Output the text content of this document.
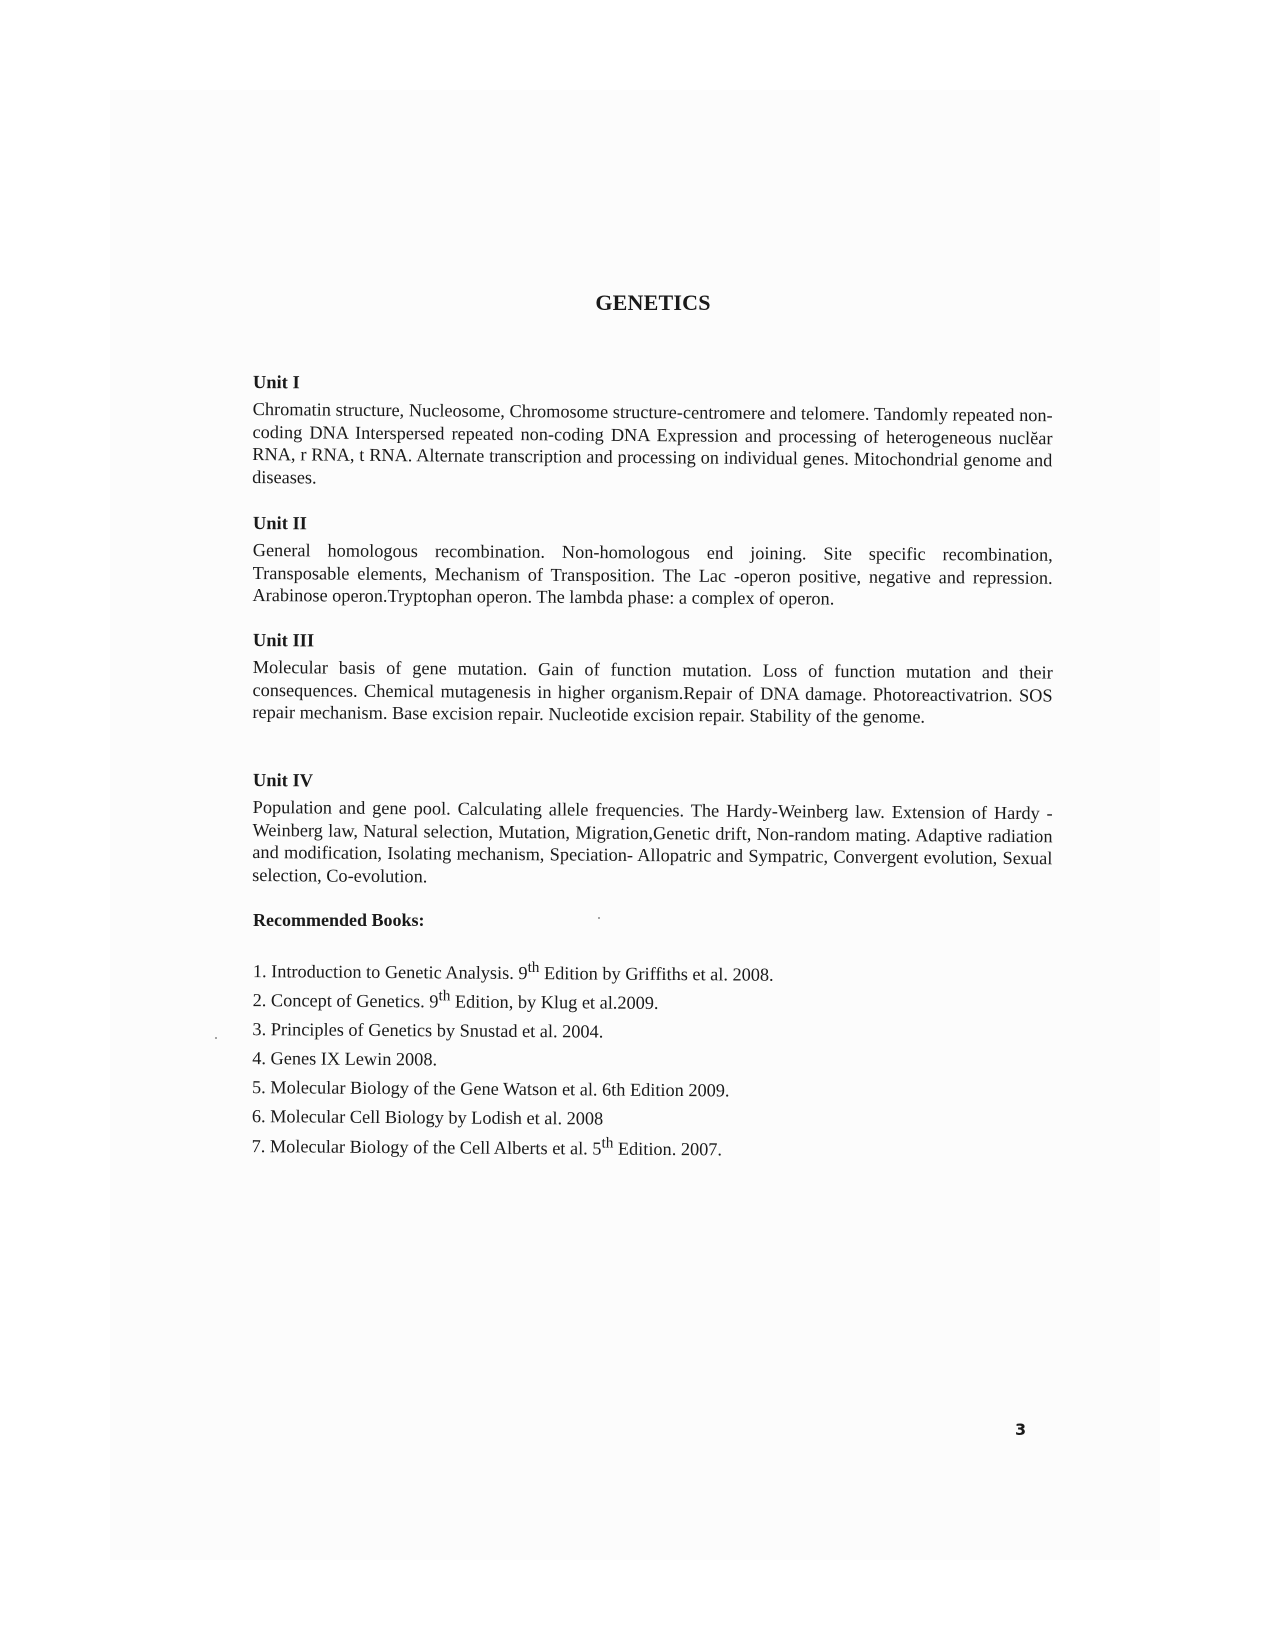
GENETICS
Unit I

Chromatin structure, Nucleosome, Chromosome structure-centromere and telomere. Tandomly repeated non-coding DNA Interspersed repeated non-coding DNA Expression and processing of heterogeneous nuclĕar RNA, r RNA, t RNA. Alternate transcription and processing on individual genes. Mitochondrial genome and diseases.

Unit II

General homologous recombination. Non-homologous end joining. Site specific recombination, Transposable elements, Mechanism of Transposition. The Lac -operon positive, negative and repression. Arabinose operon.Tryptophan operon. The lambda phase: a complex of operon.

Unit III

Molecular basis of gene mutation. Gain of function mutation. Loss of function mutation and their consequences. Chemical mutagenesis in higher organism.Repair of DNA damage. Photoreactivatrion. SOS repair mechanism. Base excision repair. Nucleotide excision repair. Stability of the genome.

Unit IV

Population and gene pool. Calculating allele frequencies. The Hardy-Weinberg law. Extension of Hardy -Weinberg law, Natural selection, Mutation, Migration,Genetic drift, Non-random mating. Adaptive radiation and modification, Isolating mechanism, Speciation- Allopatric and Sympatric, Convergent evolution, Sexual selection, Co-evolution.

Recommended Books:
1. Introduction to Genetic Analysis. 9th Edition by Griffiths et al. 2008.
2. Concept of Genetics. 9th Edition, by Klug et al.2009.
3. Principles of Genetics by Snustad et al. 2004.
4. Genes IX Lewin 2008.
5. Molecular Biology of the Gene Watson et al. 6th Edition 2009.
6. Molecular Cell Biology by Lodish et al. 2008
7. Molecular Biology of the Cell Alberts et al. 5th Edition. 2007.
3
